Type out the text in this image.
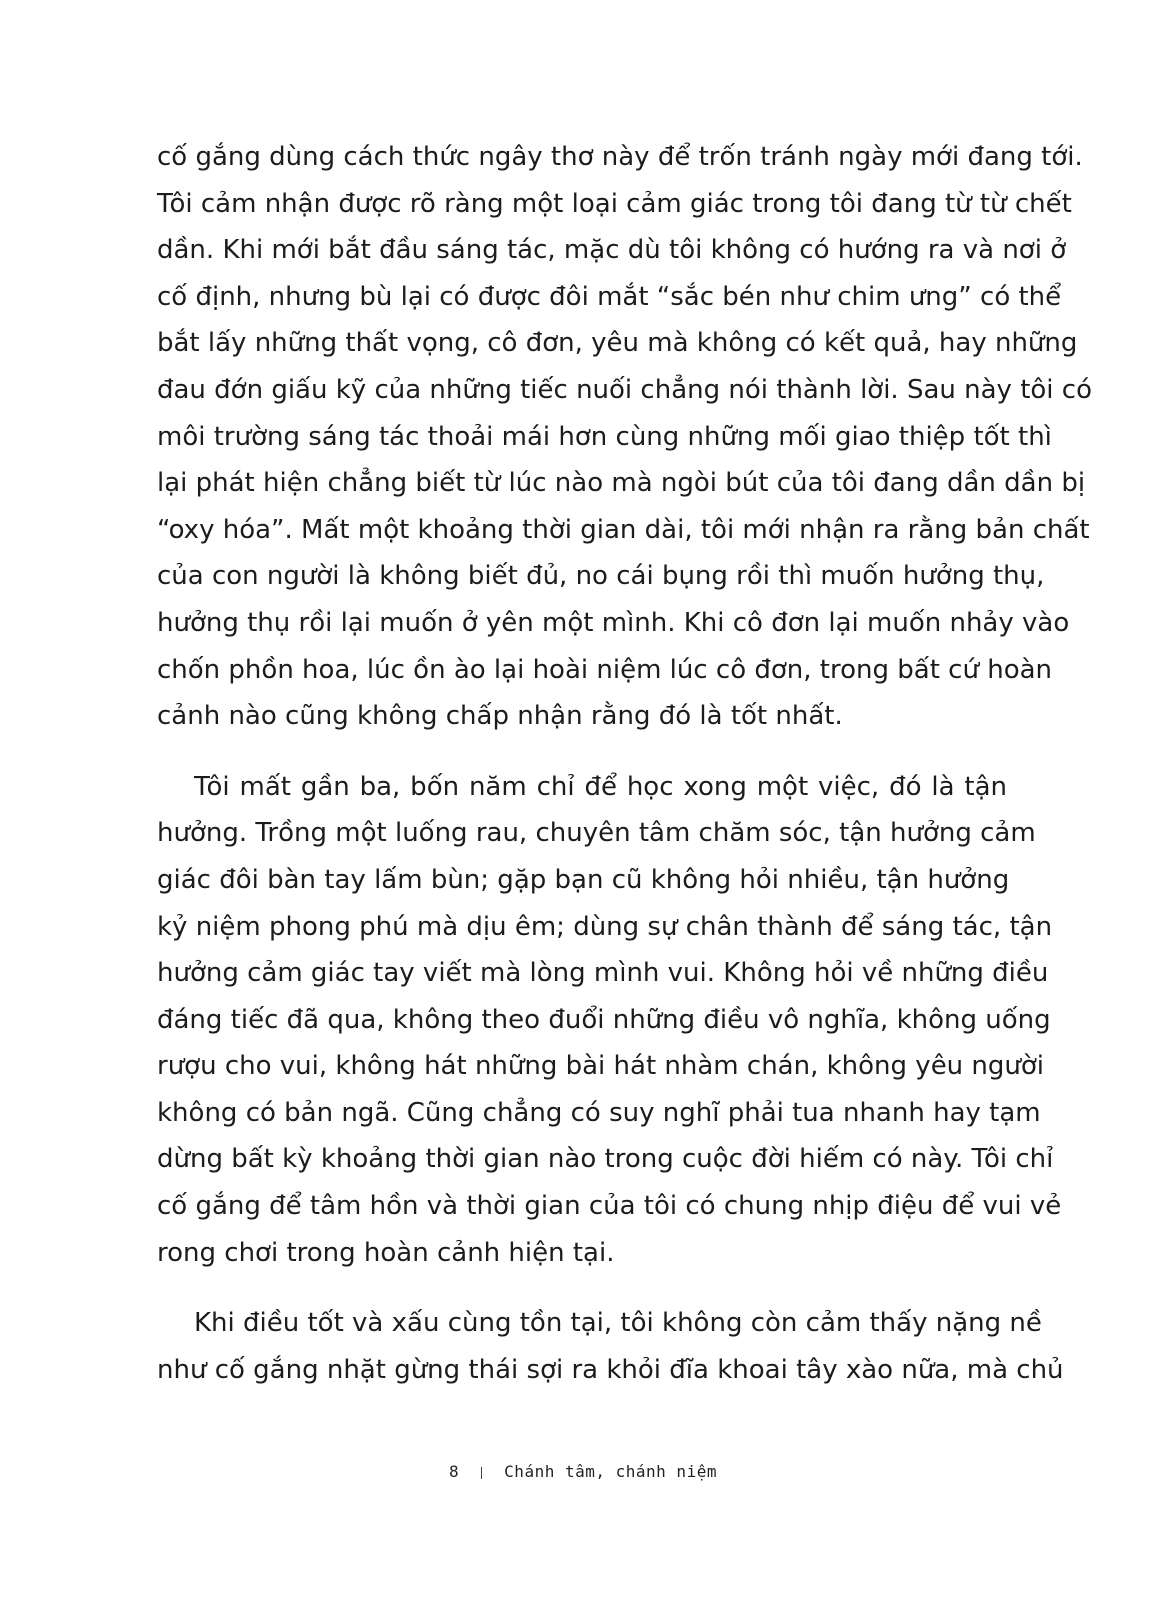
cố gắng dùng cách thức ngây thơ này để trốn tránh ngày mới đang tới.
Tôi cảm nhận được rõ ràng một loại cảm giác trong tôi đang từ từ chết
dần. Khi mới bắt đầu sáng tác, mặc dù tôi không có hướng ra và nơi ở
cố định, nhưng bù lại có được đôi mắt “sắc bén như chim ưng” có thể
bắt lấy những thất vọng, cô đơn, yêu mà không có kết quả, hay những
đau đớn giấu kỹ của những tiếc nuối chẳng nói thành lời. Sau này tôi có
môi trường sáng tác thoải mái hơn cùng những mối giao thiệp tốt thì
lại phát hiện chẳng biết từ lúc nào mà ngòi bút của tôi đang dần dần bị
“oxy hóa”. Mất một khoảng thời gian dài, tôi mới nhận ra rằng bản chất
của con người là không biết đủ, no cái bụng rồi thì muốn hưởng thụ,
hưởng thụ rồi lại muốn ở yên một mình. Khi cô đơn lại muốn nhảy vào
chốn phồn hoa, lúc ồn ào lại hoài niệm lúc cô đơn, trong bất cứ hoàn
cảnh nào cũng không chấp nhận rằng đó là tốt nhất.
Tôi mất gần ba, bốn năm chỉ để học xong một việc, đó là tận
hưởng. Trồng một luống rau, chuyên tâm chăm sóc, tận hưởng cảm
giác đôi bàn tay lấm bùn; gặp bạn cũ không hỏi nhiều, tận hưởng
kỷ niệm phong phú mà dịu êm; dùng sự chân thành để sáng tác, tận
hưởng cảm giác tay viết mà lòng mình vui. Không hỏi về những điều
đáng tiếc đã qua, không theo đuổi những điều vô nghĩa, không uống
rượu cho vui, không hát những bài hát nhàm chán, không yêu người
không có bản ngã. Cũng chẳng có suy nghĩ phải tua nhanh hay tạm
dừng bất kỳ khoảng thời gian nào trong cuộc đời hiếm có này. Tôi chỉ
cố gắng để tâm hồn và thời gian của tôi có chung nhịp điệu để vui vẻ
rong chơi trong hoàn cảnh hiện tại.
Khi điều tốt và xấu cùng tồn tại, tôi không còn cảm thấy nặng nề
như cố gắng nhặt gừng thái sợi ra khỏi đĩa khoai tây xào nữa, mà chủ
8	Chánh tâm, chánh niệm
